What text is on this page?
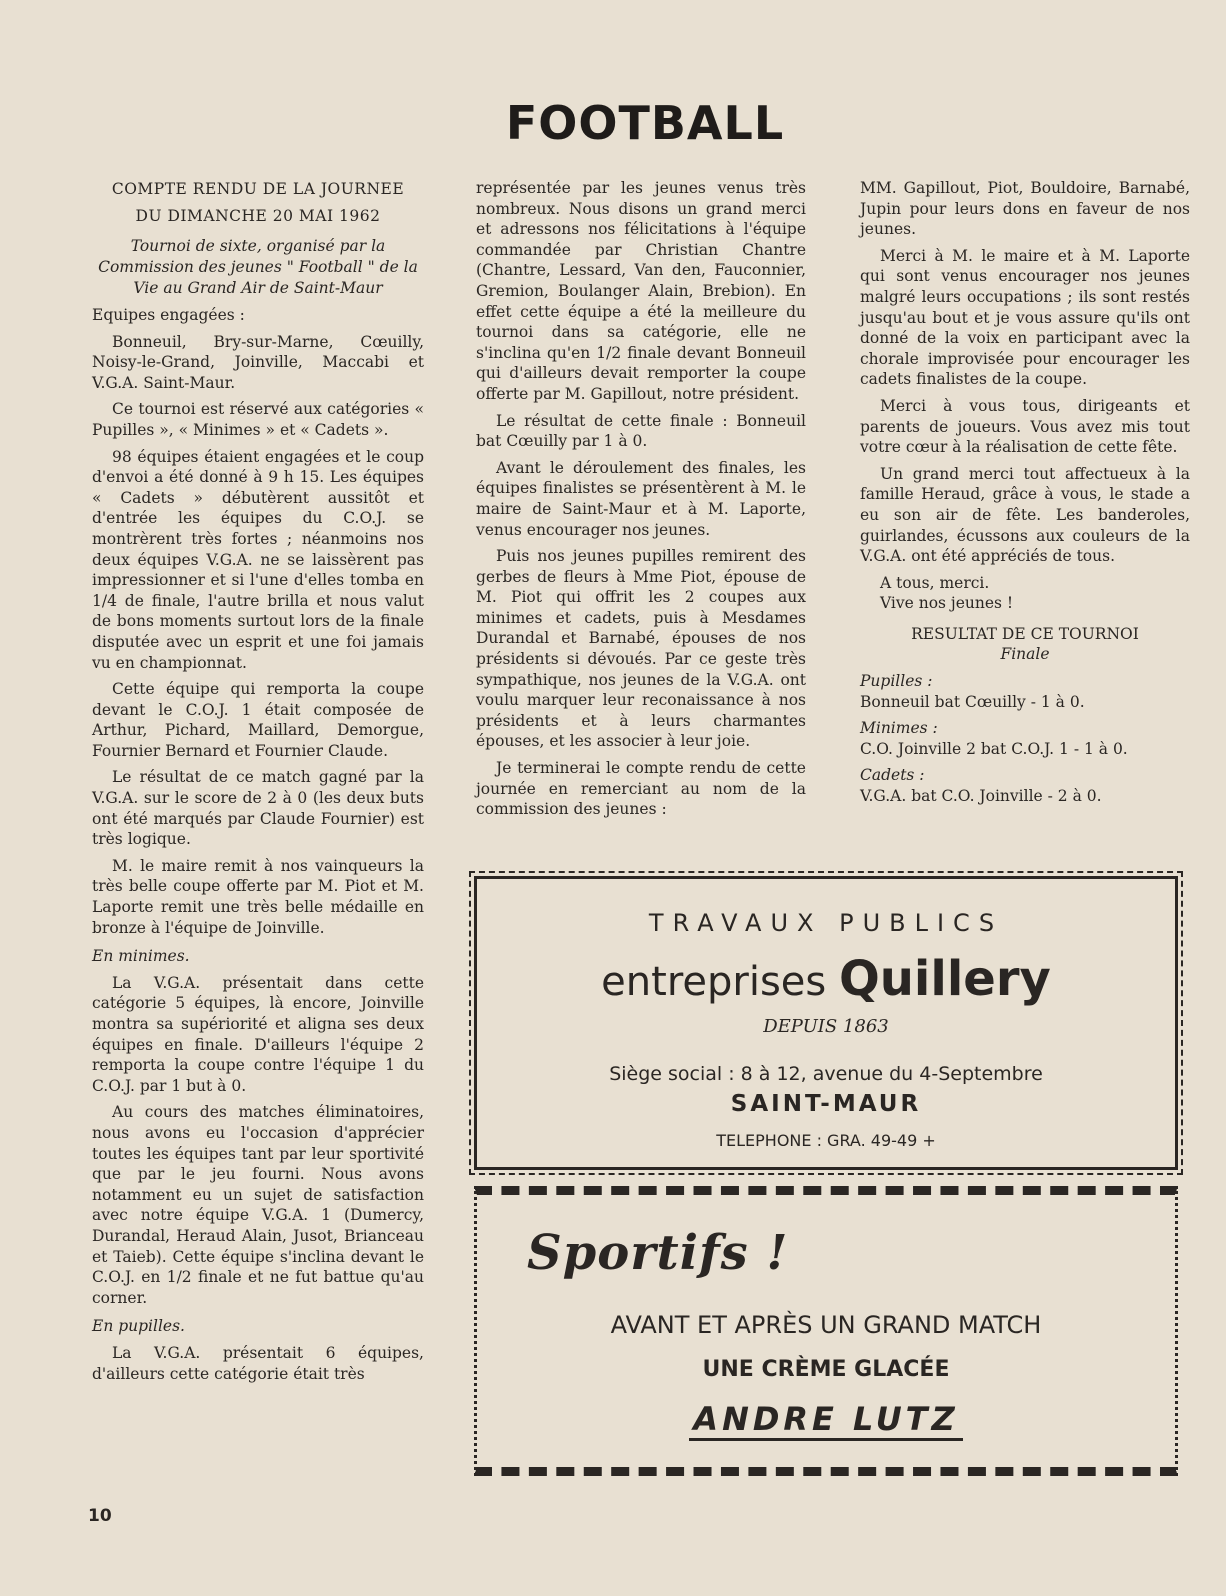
FOOTBALL
COMPTE RENDU DE LA JOURNEE
DU DIMANCHE 20 MAI 1962
Tournoi de sixte, organisé par la Commission des jeunes " Football " de la Vie au Grand Air de Saint-Maur

Equipes engagées :

Bonneuil, Bry-sur-Marne, Cœuilly, Noisy-le-Grand, Joinville, Maccabi et V.G.A. Saint-Maur.

Ce tournoi est réservé aux catégories « Pupilles », « Minimes » et « Cadets ».

98 équipes étaient engagées et le coup d'envoi a été donné à 9 h 15. Les équipes « Cadets » débutèrent aussitôt et d'entrée les équipes du C.O.J. se montrèrent très fortes ; néanmoins nos deux équipes V.G.A. ne se laissèrent pas impressionner et si l'une d'elles tomba en 1/4 de finale, l'autre brilla et nous valut de bons moments surtout lors de la finale disputée avec un esprit et une foi jamais vu en championnat.

Cette équipe qui remporta la coupe devant le C.O.J. 1 était composée de Arthur, Pichard, Maillard, Demorgue, Fournier Bernard et Fournier Claude.

Le résultat de ce match gagné par la V.G.A. sur le score de 2 à 0 (les deux buts ont été marqués par Claude Fournier) est très logique.

M. le maire remit à nos vainqueurs la très belle coupe offerte par M. Piot et M. Laporte remit une très belle médaille en bronze à l'équipe de Joinville.

En minimes.

La V.G.A. présentait dans cette catégorie 5 équipes, là encore, Joinville montra sa supériorité et aligna ses deux équipes en finale. D'ailleurs l'équipe 2 remporta la coupe contre l'équipe 1 du C.O.J. par 1 but à 0.

Au cours des matches éliminatoires, nous avons eu l'occasion d'apprécier toutes les équipes tant par leur sportivité que par le jeu fourni. Nous avons notamment eu un sujet de satisfaction avec notre équipe V.G.A. 1 (Dumercy, Durandal, Heraud Alain, Jusot, Brianceau et Taieb). Cette équipe s'inclina devant le C.O.J. en 1/2 finale et ne fut battue qu'au corner.

En pupilles.

La V.G.A. présentait 6 équipes, d'ailleurs cette catégorie était très

représentée par les jeunes venus très nombreux. Nous disons un grand merci et adressons nos félicitations à l'équipe commandée par Christian Chantre (Chantre, Lessard, Van den, Fauconnier, Gremion, Boulanger Alain, Brebion). En effet cette équipe a été la meilleure du tournoi dans sa catégorie, elle ne s'inclina qu'en 1/2 finale devant Bonneuil qui d'ailleurs devait remporter la coupe offerte par M. Gapillout, notre président.

Le résultat de cette finale : Bonneuil bat Cœuilly par 1 à 0.

Avant le déroulement des finales, les équipes finalistes se présentèrent à M. le maire de Saint-Maur et à M. Laporte, venus encourager nos jeunes.

Puis nos jeunes pupilles remirent des gerbes de fleurs à Mme Piot, épouse de M. Piot qui offrit les 2 coupes aux minimes et cadets, puis à Mesdames Durandal et Barnabé, épouses de nos présidents si dévoués. Par ce geste très sympathique, nos jeunes de la V.G.A. ont voulu marquer leur reconaissance à nos présidents et à leurs charmantes épouses, et les associer à leur joie.

Je terminerai le compte rendu de cette journée en remerciant au nom de la commission des jeunes :

MM. Gapillout, Piot, Bouldoire, Barnabé, Jupin pour leurs dons en faveur de nos jeunes.

Merci à M. le maire et à M. Laporte qui sont venus encourager nos jeunes malgré leurs occupations ; ils sont restés jusqu'au bout et je vous assure qu'ils ont donné de la voix en participant avec la chorale improvisée pour encourager les cadets finalistes de la coupe.

Merci à vous tous, dirigeants et parents de joueurs. Vous avez mis tout votre cœur à la réalisation de cette fête.

Un grand merci tout affectueux à la famille Heraud, grâce à vous, le stade a eu son air de fête. Les banderoles, guirlandes, écussons aux couleurs de la V.G.A. ont été appréciés de tous.

A tous, merci.

Vive nos jeunes !

RESULTAT DE CE TOURNOI
Finale
Pupilles :
Bonneuil bat Cœuilly - 1 à 0.
Minimes :
C.O. Joinville 2 bat C.O.J. 1 - 1 à 0.
Cadets :
V.G.A. bat C.O. Joinville - 2 à 0.
TRAVAUX PUBLICS
entreprises Quillery
DEPUIS 1863
Siège social : 8 à 12, avenue du 4-Septembre
SAINT-MAUR
TELEPHONE : GRA. 49-49 +
Sportifs !
AVANT ET APRÈS UN GRAND MATCH
UNE CRÈME GLACÉE
ANDRE LUTZ
10
